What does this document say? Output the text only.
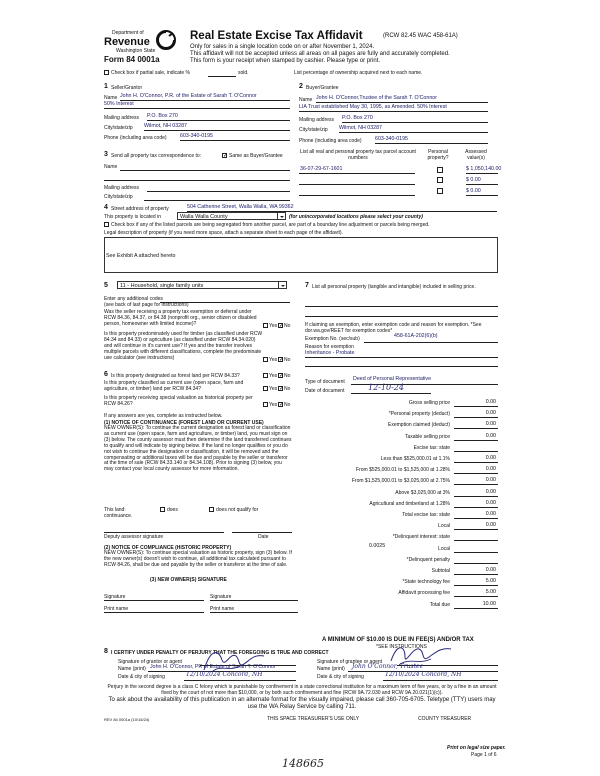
Department of
Revenue
Washington State
Form 84 0001a
Real Estate Excise Tax Affidavit	(RCW 82.45 WAC 458-61A)
Only for sales in a single location code on or after November 1, 2024.
This affidavit will not be accepted unless all areas on all pages are fully and accurately completed.
This form is your receipt when stamped by cashier. Please type or print.
Check box if partial sale, indicate %	sold.	List percentage of ownership acquired next to each name.
1 Seller/Grantor
Name John H. O'Connor, P.R. of the Estate of Sarah T. O'Connor
50% Interest
Mailing address P.O. Box 270
City/state/zip Wilmot, NH 03287
Phone (including area code)	603-340-0195
2 Buyer/Grantee
Name John H. O'Connor,Trustee of the Sarah T. O'Connor
LIA Trust established May 30, 1995, as Amended. 50% Interest
Mailing address P.O. Box 270
City/state/zip Wilmot, NH 03287
Phone (including area code)	603-340-0195
3 Send all property tax correspondence to: ✓	Same as Buyer/Grantee
Name
Mailing address
City/state/zip
List all real and personal property tax parcel account numbers
Personal property?
Assessed value(s)
36-07-29-67-1601	$ 1,050,140.00
$ 0.00
$ 0.00
4 Street address of property	504 Catherine Street, Walla Walla, WA 99362
This property is located in	Walla Walla County	(for unincorporated locations please select your county)
Check box if any of the listed parcels are being segregated from another parcel, are part of a boundary line adjustment or parcels being merged.
Legal description of property (if you need more space, attach a separate sheet to each page of the affidavit).
See Exhibit A attached hereto
5 11 - Household, single family units
Enter any additional codes
(see back of last page for instructions)
Was the seller receiving a property tax exemption or deferral under RCW 84.36, 84.37, or 84.38 (nonprofit org., senior citizen or disabled person, homeowner with limited income)?	Yes ✓ No
Is this property predominately used for timber (as classified under RCW 84.34 and 84.33) or agriculture (as classified under RCW 84.34.020) and will continue in it's current use? If yes and the transfer involves multiple parcels with different classifications, complete the predominate use calculator (see instructions)	Yes ✓ No
6 Is this property designated as forest land per RCW 84.33?	Yes ✓ No
Is this property classified as current use (open space, farm and agriculture, or timber) land per RCW 84.34?	Yes ✓ No
Is this property receiving special valuation as historical property per RCW 84.26?	Yes ✓ No
If any answers are yes, complete as instructed below.
(1) NOTICE OF CONTINUANCE (FOREST LAND OR CURRENT USE)
NEW OWNER(S): To continue the current designation as forest land or classification as current use (open space, farm and agriculture, or timber) land, you must sign on (3) below. The county assessor must then determine if the land transferred continues to qualify and will indicate by signing below. If the land no longer qualifies or you do not wish to continue the designation or classification, it will be removed and the compensating or additional taxes will be due and payable by the seller or transferor at the time of sale (RCW 84.33.140 or 84.34.108). Prior to signing (3) below, you may contact your local county assessor for more information.
This land:	does	does not qualify for
continuance.
Deputy assessor signature	Date
(2) NOTICE OF COMPLIANCE (HISTORIC PROPERTY)
NEW OWNER(S): To continue special valuation as historic property, sign (3) below. If the new owner(s) doesn't wish to continue, all additional tax calculated pursuant to RCW 84.26, shall be due and payable by the seller or transferor at the time of sale.
(3) NEW OWNER(S) SIGNATURE
Signature	Signature
Print name	Print name
7 List all personal property (tangible and intangible) included in selling price.
If claiming an exemption, enter exemption code and reason for exemption. *See dor.wa.gov/REET for exemption codes*
Exemption No. (sec/sub)	458-61A-202(6)(b)
Reason for exemption
Inheritance - Probate
Type of document Deed of Personal Representative
Date of document	12-10-24
Gross selling price	0.00
*Personal property (deduct)	0.00
Exemption claimed (deduct)	0.00
Taxable selling price	0.00
Excise tax: state
Less than $525,000.01 at 1.1%	0.00
From $525,000.01 to $1,525,000 at 1.28%	0.00
From $1,525,000.01 to $3,025,000 at 2.75%	0.00
Above $3,025,000 at 3%	0.00
Agricultural and timberland at 1.28%	0.00
Total excise tax: state	0.00
Local	0.00
*Delinquent interest: state
Local
*Delinquent penalty
Subtotal	0.00
*State technology fee	5.00
Affidavit processing fee	5.00
Total due	10.00
0.0025
A MINIMUM OF $10.00 IS DUE IN FEE(S) AND/OR TAX
*SEE INSTRUCTIONS
8 I CERTIFY UNDER PENALTY OF PERJURY THAT THE FOREGOING IS TRUE AND CORRECT
Signature of grantor or agent
Name (print) John H. O'Connor, PR of Estate of Sarah T. O'Connor
Date & city of signing	12/10/2024 Concord, NH
Signature of grantee or agent
Name (print) John O'Connor, Trustee
Date & city of signing	12/10/2024 Concord, NH
Perjury in the second degree is a class C felony which is punishable by confinement in a state correctional institution for a maximum term of five years, or by a fine in an amount fixed by the court of not more than $10,000, or by both such confinement and fine (RCW 9A.72.030 and RCW 9A.20.021(1)(c)).
To ask about the availability of this publication in an alternate format for the visually impaired, please call 360-705-6705. Teletype (TTY) users may use the WA Relay Service by calling 711.
REV 84 0001a (10/15/24)	THIS SPACE TREASURER'S USE ONLY	COUNTY TREASURER
Print on legal size paper.
Page 1 of 6
148665
